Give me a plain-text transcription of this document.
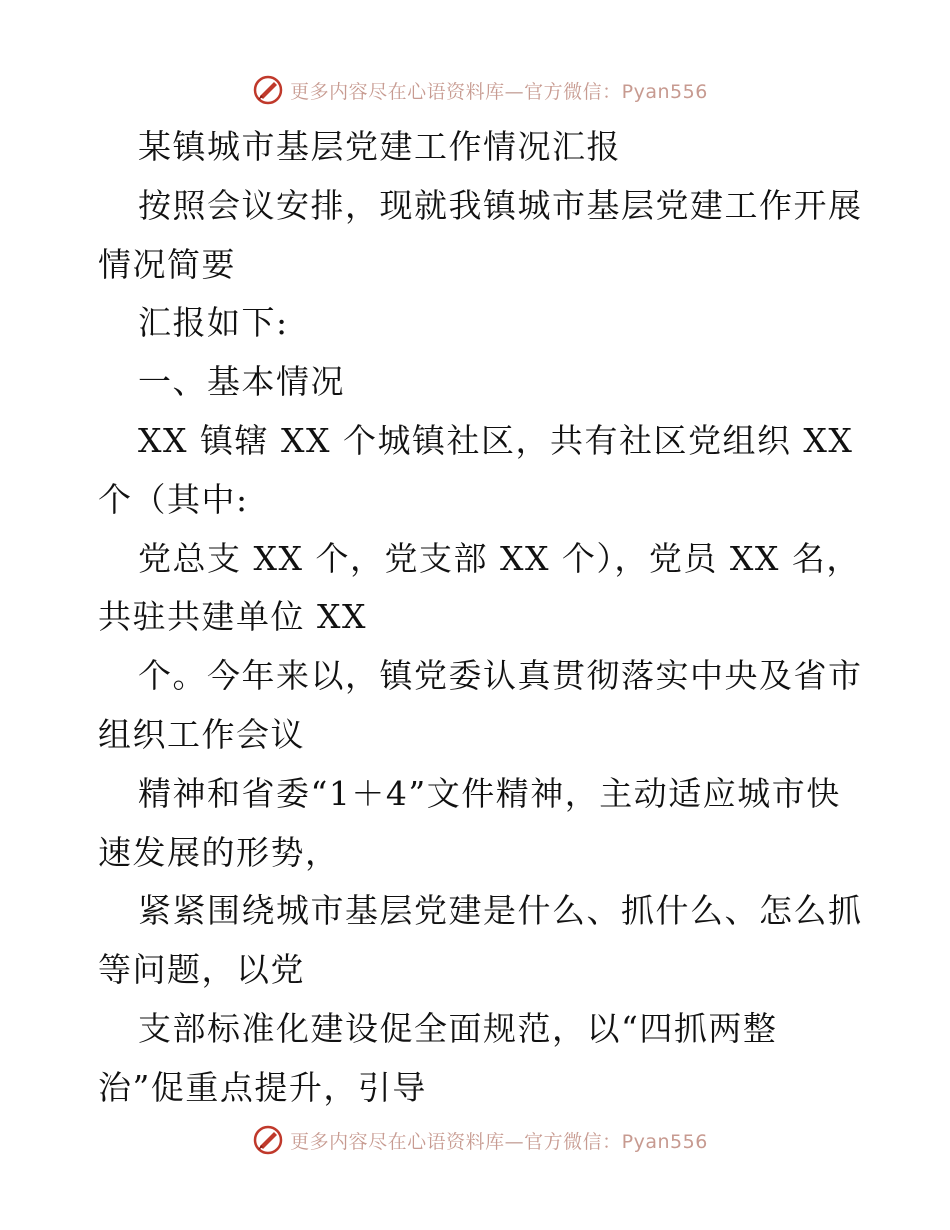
更多内容尽在心语资料库—官方微信：Pyan556
某镇城市基层党建工作情况汇报
按照会议安排，现就我镇城市基层党建工作开展
情况简要
汇报如下:
一、基本情况
XX 镇辖 XX 个城镇社区，共有社区党组织 XX
个（其中:
党总支 XX 个，党支部 XX 个），党员 XX 名，
共驻共建单位 XX
个。今年来以，镇党委认真贯彻落实中央及省市
组织工作会议
精神和省委“1＋4”文件精神，主动适应城市快
速发展的形势，
紧紧围绕城市基层党建是什么、抓什么、怎么抓
等问题，以党
支部标准化建设促全面规范，以“四抓两整
治”促重点提升，引导
更多内容尽在心语资料库—官方微信：Pyan556
